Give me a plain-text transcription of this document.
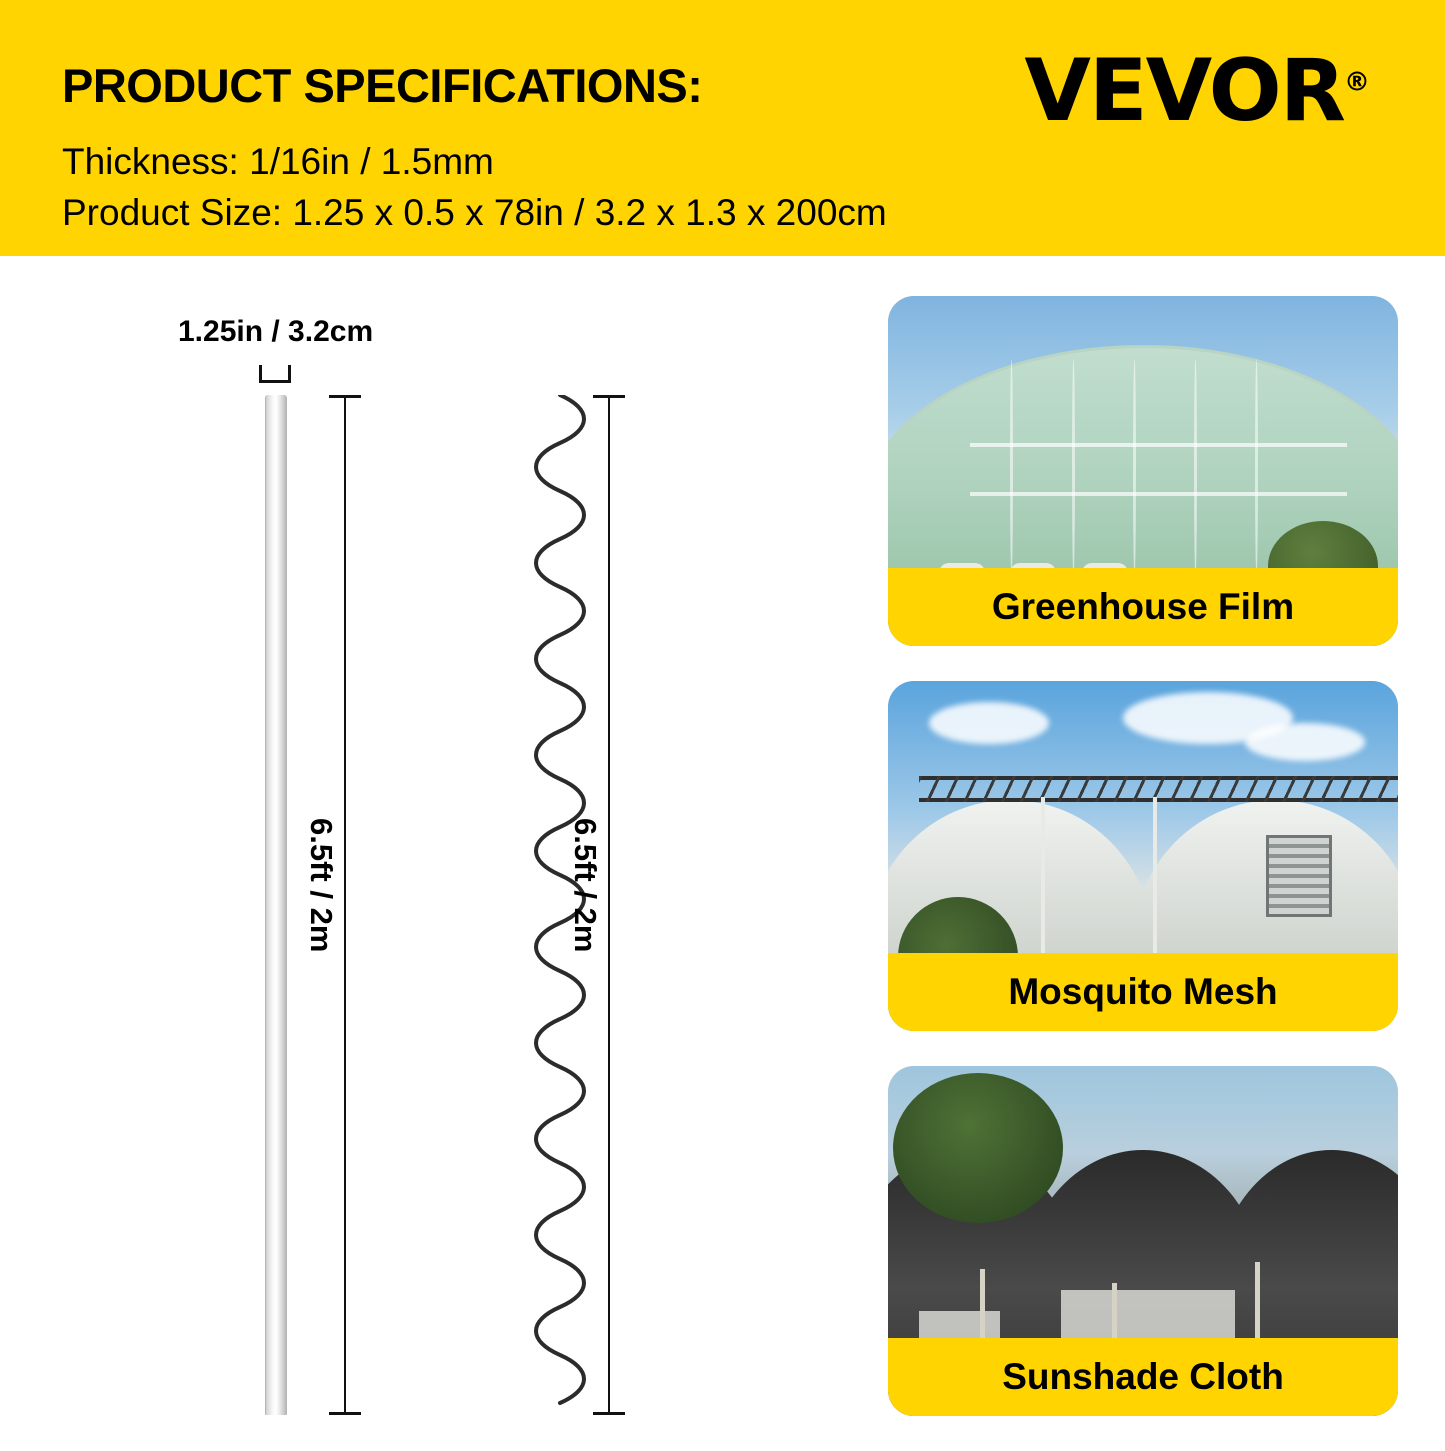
PRODUCT SPECIFICATIONS:
Thickness: 1/16in / 1.5mm
Product Size: 1.25 x 0.5 x 78in / 3.2 x 1.3 x 200cm
VEVOR®
1.25in / 3.2cm
6.5ft / 2m	6.5ft / 2m
Greenhouse Film
Mosquito Mesh
Sunshade Cloth
